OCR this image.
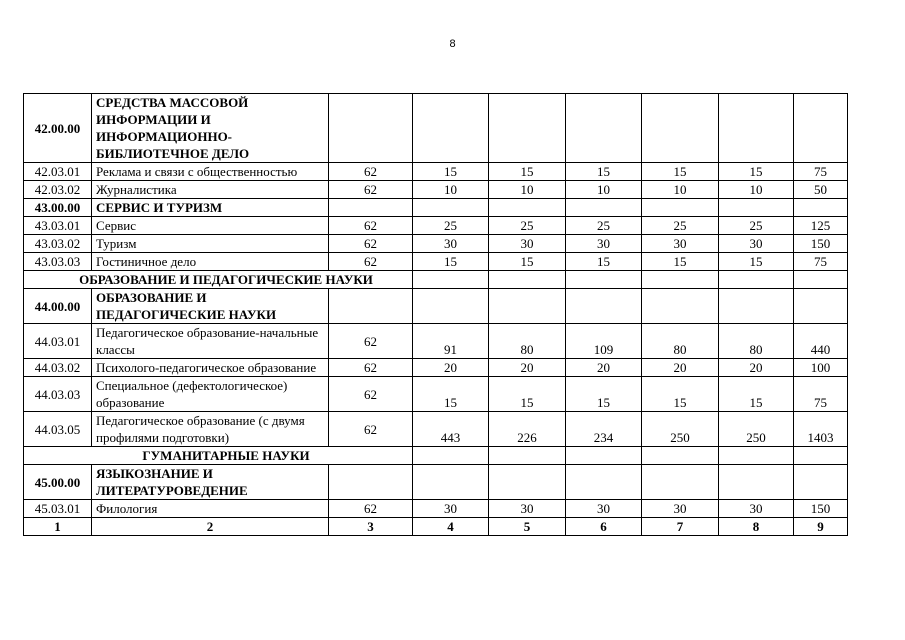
8
42.00.00	СРЕДСТВА МАССОВОЙ ИНФОРМАЦИИ И ИНФОРМАЦИОННО-БИБЛИОТЕЧНОЕ ДЕЛО							
42.03.01	Реклама и связи с общественностью	62	15	15	15	15	15	75
42.03.02	Журналистика	62	10	10	10	10	10	50
43.00.00	СЕРВИС И ТУРИЗМ							
43.03.01	Сервис	62	25	25	25	25	25	125
43.03.02	Туризм	62	30	30	30	30	30	150
43.03.03	Гостиничное дело	62	15	15	15	15	15	75
ОБРАЗОВАНИЕ И ПЕДАГОГИЧЕСКИЕ НАУКИ								
44.00.00	ОБРАЗОВАНИЕ И ПЕДАГОГИЧЕСКИЕ НАУКИ							
44.03.01	Педагогическое образование-начальные классы	62	91	80	109	80	80	440
44.03.02	Психолого-педагогическое образование	62	20	20	20	20	20	100
44.03.03	Специальное (дефектологическое) образование	62	15	15	15	15	15	75
44.03.05	Педагогическое образование (с двумя профилями подготовки)	62	443	226	234	250	250	1403
ГУМАНИТАРНЫЕ НАУКИ								
45.00.00	ЯЗЫКОЗНАНИЕ И ЛИТЕРАТУРОВЕДЕНИЕ							
45.03.01	Филология	62	30	30	30	30	30	150
1	2	3	4	5	6	7	8	9
